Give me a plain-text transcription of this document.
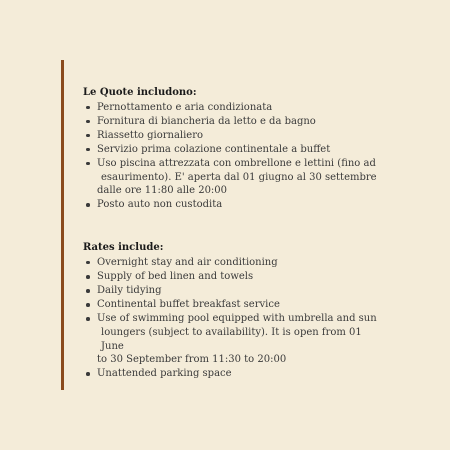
Le Quote includono:
Pernottamento e aria condizionata
Fornitura di biancheria da letto e da bagno
Riassetto giornaliero
Servizio prima colazione continentale a buffet
Uso piscina attrezzata con ombrellone e lettini (fino ad
esaurimento). E' aperta dal 01 giugno al 30 settembre
dalle ore 11:80 alle 20:00
Posto auto non custodita
Rates include:
Overnight stay and air conditioning
Supply of bed linen and towels
Daily tidying
Continental buffet breakfast service
Use of swimming pool equipped with umbrella and sun
loungers (subject to availability). It is open from 01 June
to 30 September from 11:30 to 20:00
Unattended parking space
